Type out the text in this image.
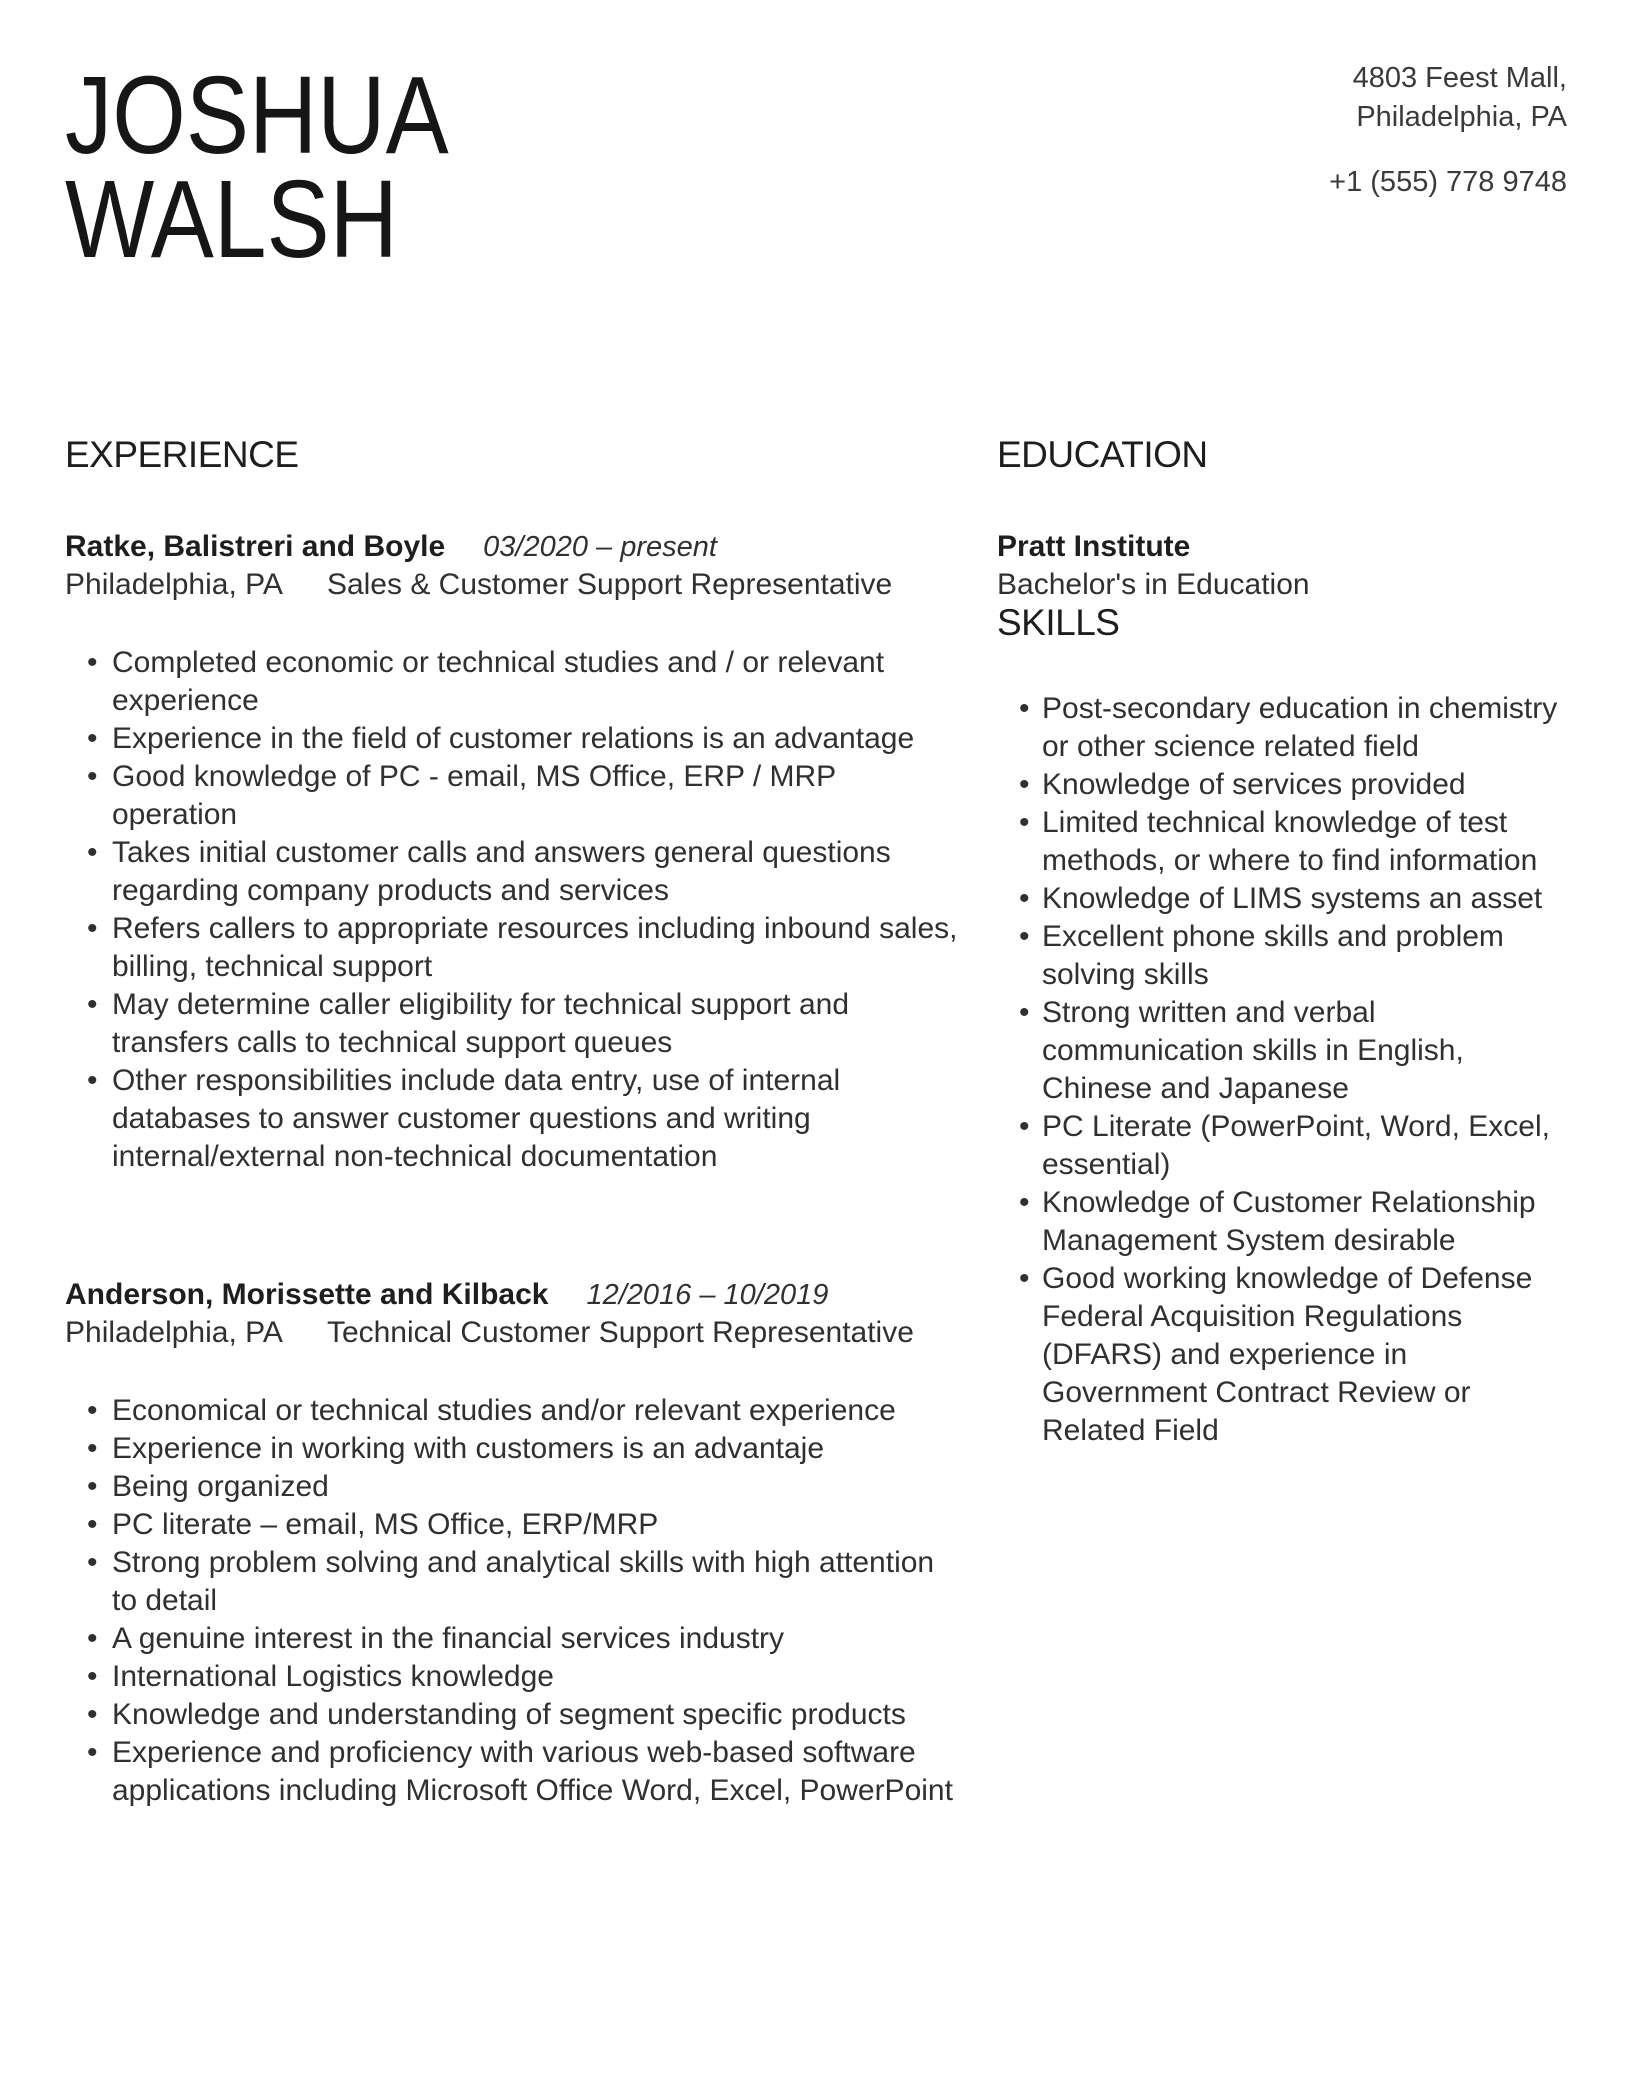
JOSHUA
WALSH
4803 Feest Mall,
Philadelphia, PA
+1 (555) 778 9748
EXPERIENCE
Ratke, Balistreri and Boyle 03/2020 – present
Philadelphia, PA Sales & Customer Support Representative
• Completed economic or technical studies and / or relevant experience
• Experience in the field of customer relations is an advantage
• Good knowledge of PC - email, MS Office, ERP / MRP operation
• Takes initial customer calls and answers general questions regarding company products and services
• Refers callers to appropriate resources including inbound sales, billing, technical support
• May determine caller eligibility for technical support and transfers calls to technical support queues
• Other responsibilities include data entry, use of internal databases to answer customer questions and writing internal/external non-technical documentation
Anderson, Morissette and Kilback 12/2016 – 10/2019
Philadelphia, PA Technical Customer Support Representative
• Economical or technical studies and/or relevant experience
• Experience in working with customers is an advantaje
• Being organized
• PC literate – email, MS Office, ERP/MRP
• Strong problem solving and analytical skills with high attention to detail
• A genuine interest in the financial services industry
• International Logistics knowledge
• Knowledge and understanding of segment specific products
• Experience and proficiency with various web-based software applications including Microsoft Office Word, Excel, PowerPoint
EDUCATION
Pratt Institute
Bachelor's in Education
SKILLS
• Post-secondary education in chemistry or other science related field
• Knowledge of services provided
• Limited technical knowledge of test methods, or where to find information
• Knowledge of LIMS systems an asset
• Excellent phone skills and problem solving skills
• Strong written and verbal communication skills in English, Chinese and Japanese
• PC Literate (PowerPoint, Word, Excel, essential)
• Knowledge of Customer Relationship Management System desirable
• Good working knowledge of Defense Federal Acquisition Regulations (DFARS) and experience in Government Contract Review or Related Field
